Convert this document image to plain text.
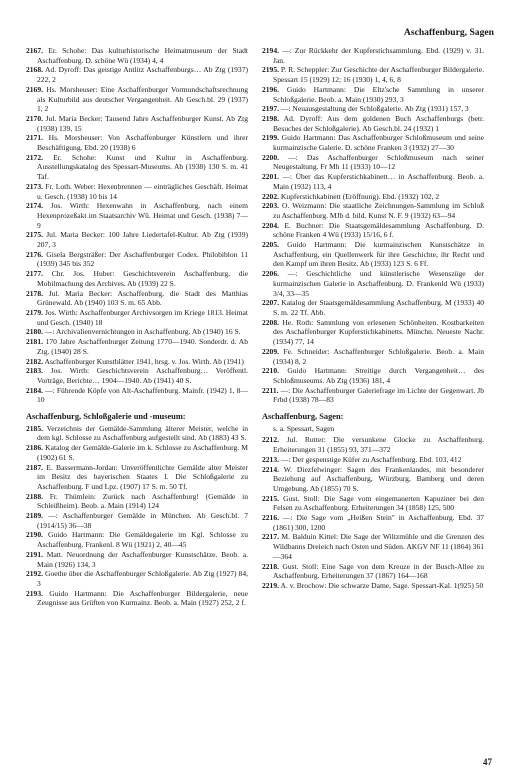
Aschaffenburg, Sagen

2167. Er. Schohe: Das kulturhistorische Heimatmuseum der Stadt Aschaffenburg. D. schöne Wü (1934) 4, 4

2168. Ad. Dyroff: Das geistige Antlitz Aschaffenburgs… Ab Ztg (1937) 222, 2

2169. Hs. Morsheuser: Eine Aschaffenburger Vormundschaftsrechnung als Kulturbild aus deutscher Vergangenheit. Ab Gesch.bl. 29 (1937) 1, 2

2170. Jul. Maria Becker: Tausend Jahre Aschaffenburger Kunst. Ab Ztg (1938) 139, 15

2171. Hs. Morsheuser: Von Aschaffenburger Künstlern und ihrer Beschäftigung. Ebd. 20 (1938) 6

2172. Er. Schohe: Kunst und Kultur in Aschaffenburg. Ausstellungskatalog des Spessart-Museums. Ab (1938) 130 S. m. 41 Taf.

2173. Fr. Loth. Weber: Hexenbrennen — einträgliches Geschäft. Heimat u. Gesch. (1938) 10 bis 14

2174. Jos. Wirth: Hexenwahn in Aschaffenburg, nach einem Hexenprozeßakt im Staatsarchiv Wü. Heimat und Gesch. (1938) 7—9

2175. Jul. Maria Becker: 100 Jahre Liedertafel-Kultur. Ab Ztg (1939) 207, 3

2176. Gisela Bergsträßer: Der Aschaffenburger Codex. Philobiblon 11 (1939) 345 bis 352

2177. Chr. Jos. Huber: Geschichtsverein Aschaffenburg, die Mobilmachung des Archives. Ab (1939) 22 S.

2178. Jul. Maria Becker: Aschaffenburg, die Stadt des Matthias Grünewald. Ab (1940) 103 S. m. 65 Abb.

2179. Jos. Wirth: Aschaffenburger Archivsorgen im Kriege 1813. Heimat und Gesch. (1940) 18

2180. —: Archivalienvernichtungen in Aschaffenburg. Ab (1940) 16 S.

2181. 170 Jahre Aschaffenburger Zeitung 1770—1940. Sonderdr. d. Ab Ztg. (1940) 28 S.

2182. Aschaffenburger Kunstblätter 1941, hrsg. v. Jos. Wirth. Ab (1941)

2183. Jos. Wirth: Geschichtsverein Aschaffenburg… Veröffentl. Vorträge, Berichte… 1904—1940. Ab (1941) 40 S.

2184. —: Führende Köpfe von Alt-Aschaffenburg. Mainfr. (1942) 1, 8—10

Aschaffenburg, Schloßgalerie und -museum:

2185. Verzeichnis der Gemälde-Sammlung älterer Meister, welche in dem kgl. Schlosse zu Aschaffenburg aufgestellt sind. Ab (1883) 43 S.

2186. Katalog der Gemälde-Galerie im k. Schlosse zu Aschaffenburg. M (1902) 61 S.

2187. E. Bassermann-Jordan: Unveröffentlichte Gemälde alter Meister im Besitz des bayerischen Staates I. Die Schloßgalerie zu Aschaffenburg. F und Lpz. (1907) 17 S. m. 50 Tf.

2188. Fr. Thümlein: Zurück nach Aschaffenburg! (Gemälde in Schleißheim). Beob. a. Main (1914) 124

2189. —: Aschaffenburger Gemälde in München. Ab Gesch.bl. 7 (1914/15) 36—38

2190. Guido Hartmann: Die Gemäldegalerie im Kgl. Schlosse zu Aschaffenburg. Frankenl. 8 Wü (1921) 2, 40—45

2191. Matt. Neuordnung der Aschaffenburger Kunstschätze. Beob. a. Main (1926) 134, 3

2192. Goethe über die Aschaffenburger Schloßgalerie. Ab Ztg (1927) 84, 3

2193. Guido Hartmann: Die Aschaffenburger Bildergalerie, neue Zeugnisse aus Grüften von Kurmainz. Beob. a. Main (1927) 252, 2 f.

2194. —: Zur Rückkehr der Kupferstichsammlung. Ebd. (1929) v. 31. Jan.

2195. P. R. Scheppler: Zur Geschichte der Aschaffenburger Bildergalerie. Spessart 15 (1929) 12; 16 (1930) 1, 4, 6, 8

2196. Guido Hartmann: Die Eltz'sche Sammlung in unserer Schloßgalerie. Beob. a. Main (1930) 293, 3

2197. —: Neuausgestaltung der Schloßgalerie. Ab Ztg (1931) 157, 3

2198. Ad. Dyroff: Aus dem goldenen Buch Aschaffenburgs (betr. Besuches der Schloßgalerie). Ab Gesch.bl. 24 (1932) 1

2199. Guido Hartmann: Das Aschaffenburger Schloßmuseum und seine kurmainzische Galerie. D. schöne Franken 3 (1932) 27—30

2200. —: Das Aschaffenburger Schloßmuseum nach seiner Neugestaltung. Fr Mh 11 (1933) 10—12

2201. —: Über das Kupferstichkabinett… in Aschaffenburg. Beob. a. Main (1932) 113, 4

2202. Kupferstichkabinett (Eröffnung). Ebd. (1932) 102, 2

2203. O. Weizmann: Die staatliche Zeichnungen-Sammlung im Schloß zu Aschaffenburg. MJb d. bild. Kunst N. F. 9 (1932) 63—94

2204. E. Buchner: Die Staatsgemäldesammlung Aschaffenburg. D. schöne Franken 4 Wü (1933) 15/16, 6 f.

2205. Guido Hartmann: Die kurmainzischen Kunstschätze in Aschaffenburg, ein Quellenwerk für ihre Geschichte, ihr Recht und den Kampf um ihren Besitz. Ab (1933) 123 S. 6 Ff.

2206. —: Geschichtliche und künstlerische Wesenszüge der kurmainzischen Galerie in Aschaffenburg. D. Frankenld Wü (1933) 3/4, 33—35

2207. Katalog der Staatsgemäldesammlung Aschaffenburg. M (1933) 40 S. m. 22 Tf. Abb.

2208. He. Roth: Sammlung von erlesenen Schönheiten. Kostbarkeiten des Aschaffenburger Kupferstichkabinetts. Münchn. Neueste Nachr. (1934) 77, 14

2209. Fe. Schneider: Aschaffenburger Schloßgalerie. Beob. a. Main (1934) 8, 2

2210. Guido Hartmann: Streitige durch Vergangenheit… des Schloßmuseums. Ab Ztg (1936) 181, 4

2211. —: Die Aschaffenburger Galeriefrage im Lichte der Gegenwart. Jb Frbd (1938) 78—83

Aschaffenburg, Sagen:
s. a. Spessart, Sagen

2212. Jul. Rutter: Die versunkene Glocke zu Aschaffenburg. Erheiterungen 31 (1855) 93, 371—372

2213. —: Der gespenstige Küfer zu Aschaffenburg. Ebd. 103, 412

2214. W. Diezfelwinger: Sagen des Frankenlandes, mit besonderer Beziehung auf Aschaffenburg, Würzburg, Bamberg und deren Umgebung. Ab (1855) 70 S.

2215. Gust. Stoll: Die Sage vom eingemauerten Kapuziner bei den Felsen zu Aschaffenburg. Erheiterungen 34 (1858) 125, 500

2216. —: Die Sage vom „Heißen Stein" in Aschaffenburg. Ebd. 37 (1861) 300, 1200

2217. M. Balduin Kittel: Die Sage der Wiltzmühle und die Grenzen des Wildbanns Dreieich nach Osten und Süden. AKGV NF 11 (1864) 361—364

2218. Gust. Stoll: Eine Sage von dem Kreuze in der Busch-Allee zu Aschaffenburg. Erheiterungen 37 (1867) 164—168

2219. A. v. Brochow: Die schwarze Dame, Sage. Spessart-Kal. 1(925) 50

47
